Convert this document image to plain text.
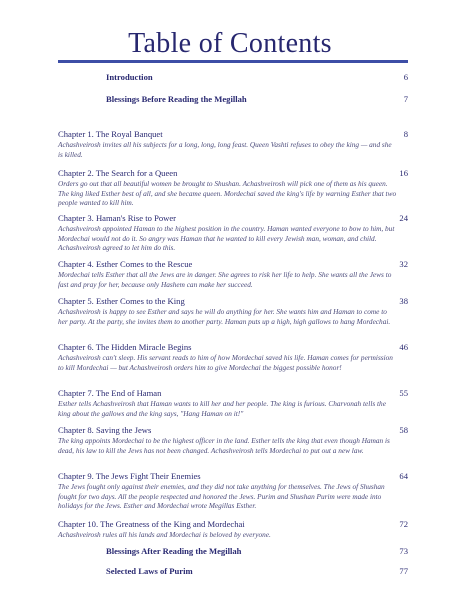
Table of Contents
Introduction	6
Blessings Before Reading the Megillah	7
Chapter 1. The Royal Banquet	8
Achashveirosh invites all his subjects for a long, long, long feast. Queen Vashti refuses to obey the king — and she is killed.
Chapter 2. The Search for a Queen	16
Orders go out that all beautiful women be brought to Shushan. Achashveirosh will pick one of them as his queen. The king liked Esther best of all, and she became queen. Mordechai saved the king's life by warning Esther that two people wanted to kill him.
Chapter 3. Haman's Rise to Power	24
Achashveirosh appointed Haman to the highest position in the country. Haman wanted everyone to bow to him, but Mordechai would not do it. So angry was Haman that he wanted to kill every Jewish man, woman, and child. Achashveirosh agreed to let him do this.
Chapter 4. Esther Comes to the Rescue	32
Mordechai tells Esther that all the Jews are in danger. She agrees to risk her life to help. She wants all the Jews to fast and pray for her, because only Hashem can make her succeed.
Chapter 5. Esther Comes to the King	38
Achashveirosh is happy to see Esther and says he will do anything for her. She wants him and Haman to come to her party. At the party, she invites them to another party. Haman puts up a high, high gallows to hang Mordechai.
Chapter 6. The Hidden Miracle Begins	46
Achashveirosh can't sleep. His servant reads to him of how Mordechai saved his life. Haman comes for permission to kill Mordechai — but Achashveirosh orders him to give Mordechai the biggest possible honor!
Chapter 7. The End of Haman	55
Esther tells Achashveirosh that Haman wants to kill her and her people. The king is furious. Charvonah tells the king about the gallows and the king says, "Hang Haman on it!"
Chapter 8. Saving the Jews	58
The king appoints Mordechai to be the highest officer in the land. Esther tells the king that even though Haman is dead, his law to kill the Jews has not been changed. Achashveirosh tells Mordechai to put out a new law.
Chapter 9. The Jews Fight Their Enemies	64
The Jews fought only against their enemies, and they did not take anything for themselves. The Jews of Shushan fought for two days. All the people respected and honored the Jews. Purim and Shushan Purim were made into holidays for the Jews. Esther and Mordechai wrote Megillas Esther.
Chapter 10. The Greatness of the King and Mordechai	72
Achashveirosh rules all his lands and Mordechai is beloved by everyone.
Blessings After Reading the Megillah	73
Selected Laws of Purim	77
